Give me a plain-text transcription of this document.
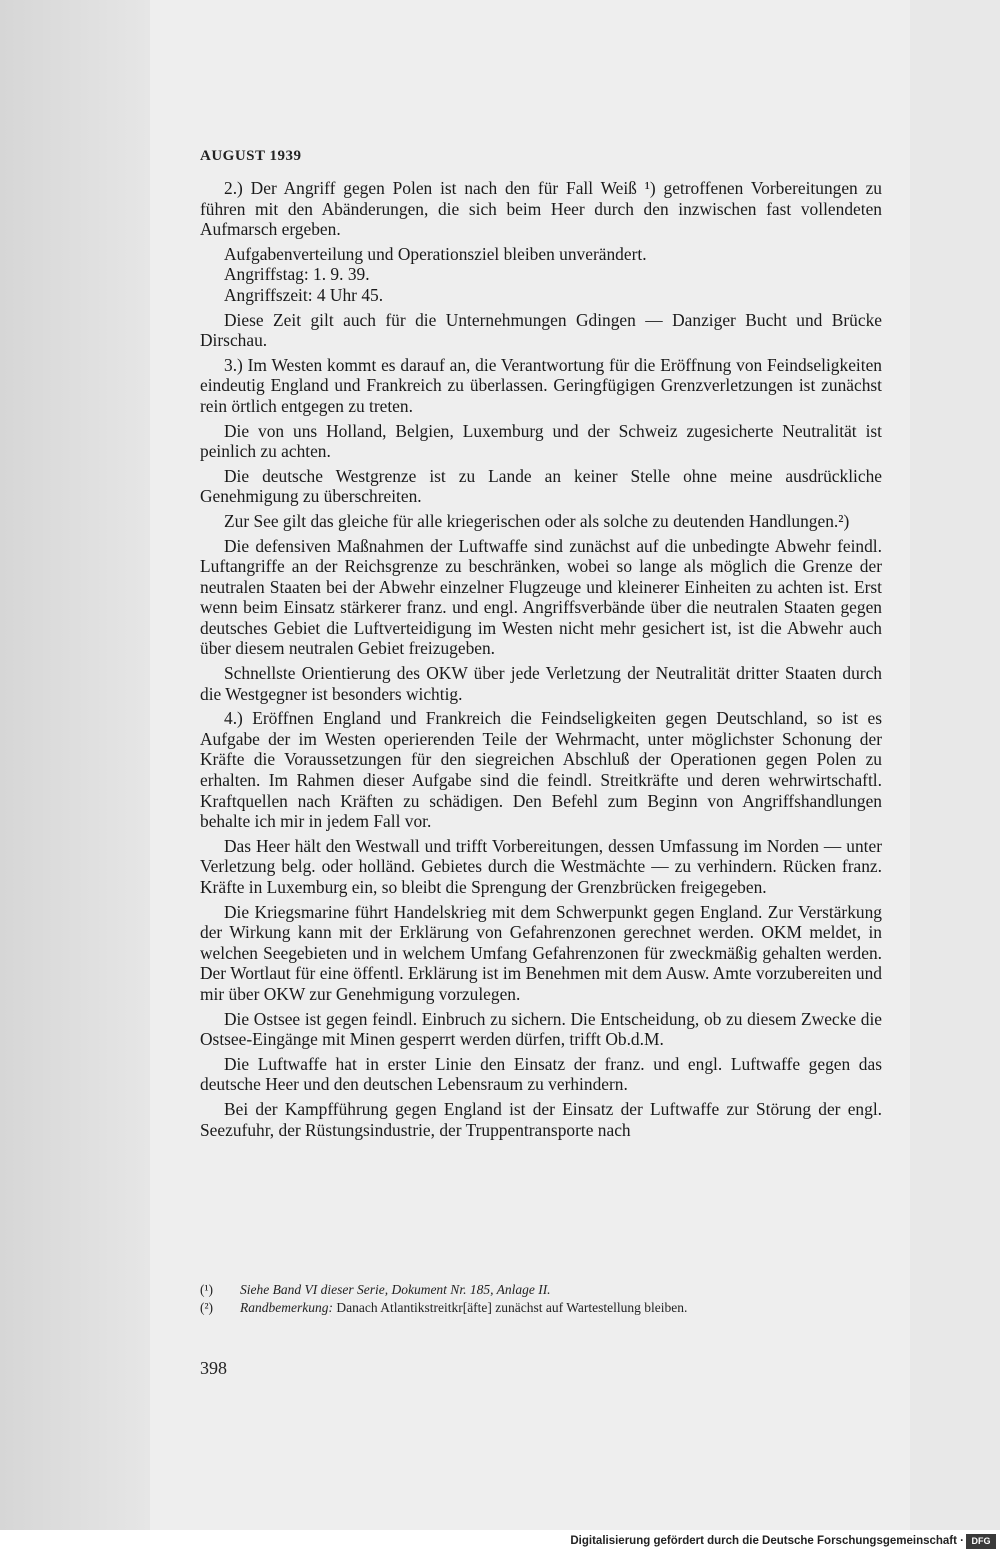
AUGUST 1939

2.) Der Angriff gegen Polen ist nach den für Fall Weiß ¹) getroffenen Vorbereitungen zu führen mit den Abänderungen, die sich beim Heer durch den inzwischen fast vollendeten Aufmarsch ergeben.

Aufgabenverteilung und Operationsziel bleiben unverändert.

Angriffstag: 1. 9. 39.

Angriffszeit: 4 Uhr 45.

Diese Zeit gilt auch für die Unternehmungen Gdingen — Danziger Bucht und Brücke Dirschau.

3.) Im Westen kommt es darauf an, die Verantwortung für die Eröffnung von Feindseligkeiten eindeutig England und Frankreich zu überlassen. Geringfügigen Grenzverletzungen ist zunächst rein örtlich entgegen zu treten.

Die von uns Holland, Belgien, Luxemburg und der Schweiz zugesicherte Neutralität ist peinlich zu achten.

Die deutsche Westgrenze ist zu Lande an keiner Stelle ohne meine ausdrückliche Genehmigung zu überschreiten.

Zur See gilt das gleiche für alle kriegerischen oder als solche zu deutenden Handlungen.²)

Die defensiven Maßnahmen der Luftwaffe sind zunächst auf die unbedingte Abwehr feindl. Luftangriffe an der Reichsgrenze zu beschränken, wobei so lange als möglich die Grenze der neutralen Staaten bei der Abwehr einzelner Flugzeuge und kleinerer Einheiten zu achten ist. Erst wenn beim Einsatz stärkerer franz. und engl. Angriffsverbände über die neutralen Staaten gegen deutsches Gebiet die Luftverteidigung im Westen nicht mehr gesichert ist, ist die Abwehr auch über diesem neutralen Gebiet freizugeben.

Schnellste Orientierung des OKW über jede Verletzung der Neutralität dritter Staaten durch die Westgegner ist besonders wichtig.

4.) Eröffnen England und Frankreich die Feindseligkeiten gegen Deutschland, so ist es Aufgabe der im Westen operierenden Teile der Wehrmacht, unter möglichster Schonung der Kräfte die Voraussetzungen für den siegreichen Abschluß der Operationen gegen Polen zu erhalten. Im Rahmen dieser Aufgabe sind die feindl. Streitkräfte und deren wehrwirtschaftl. Kraftquellen nach Kräften zu schädigen. Den Befehl zum Beginn von Angriffshandlungen behalte ich mir in jedem Fall vor.

Das Heer hält den Westwall und trifft Vorbereitungen, dessen Umfassung im Norden — unter Verletzung belg. oder holländ. Gebietes durch die Westmächte — zu verhindern. Rücken franz. Kräfte in Luxemburg ein, so bleibt die Sprengung der Grenzbrücken freigegeben.

Die Kriegsmarine führt Handelskrieg mit dem Schwerpunkt gegen England. Zur Verstärkung der Wirkung kann mit der Erklärung von Gefahrenzonen gerechnet werden. OKM meldet, in welchen Seegebieten und in welchem Umfang Gefahrenzonen für zweckmäßig gehalten werden. Der Wortlaut für eine öffentl. Erklärung ist im Benehmen mit dem Ausw. Amte vorzubereiten und mir über OKW zur Genehmigung vorzulegen.

Die Ostsee ist gegen feindl. Einbruch zu sichern. Die Entscheidung, ob zu diesem Zwecke die Ostsee-Eingänge mit Minen gesperrt werden dürfen, trifft Ob.d.M.

Die Luftwaffe hat in erster Linie den Einsatz der franz. und engl. Luftwaffe gegen das deutsche Heer und den deutschen Lebensraum zu verhindern.

Bei der Kampfführung gegen England ist der Einsatz der Luftwaffe zur Störung der engl. Seezufuhr, der Rüstungsindustrie, der Truppentransporte nach

(¹) Siehe Band VI dieser Serie, Dokument Nr. 185, Anlage II.
(²) Randbemerkung: Danach Atlantikstreitkr[äfte] zunächst auf Wartestellung bleiben.
398
Digitalisierung gefördert durch die Deutsche Forschungsgemeinschaft · DFG
